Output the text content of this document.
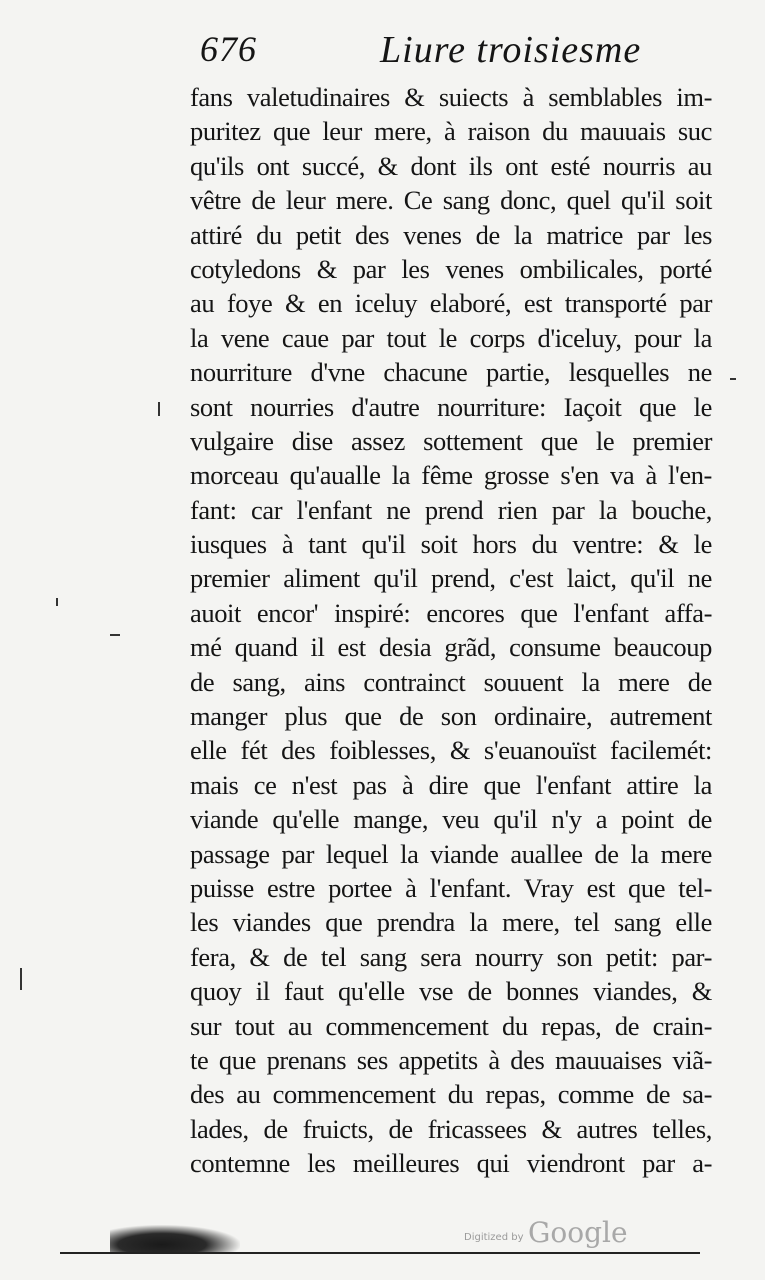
676	Liure troisiesme
fans valetudinaires & suiects à semblables im-
puritez que leur mere, à raison du mauuais suc
qu'ils ont succé, & dont ils ont esté nourris au
vêtre de leur mere. Ce sang donc, quel qu'il soit
attiré du petit des venes de la matrice par les
cotyledons & par les venes ombilicales, porté
au foye & en iceluy elaboré, est transporté par
la vene caue par tout le corps d'iceluy, pour la
nourriture d'vne chacune partie, lesquelles ne
sont nourries d'autre nourriture: Iaçoit que le
vulgaire dise assez sottement que le premier
morceau qu'aualle la fême grosse s'en va à l'en-
fant: car l'enfant ne prend rien par la bouche,
iusques à tant qu'il soit hors du ventre: & le
premier aliment qu'il prend, c'est laict, qu'il ne
auoit encor' inspiré: encores que l'enfant affa-
mé quand il est desia grãd, consume beaucoup
de sang, ains contrainct souuent la mere de
manger plus que de son ordinaire, autrement
elle fét des foiblesses, & s'euanouïst facilemét:
mais ce n'est pas à dire que l'enfant attire la
viande qu'elle mange, veu qu'il n'y a point de
passage par lequel la viande auallee de la mere
puisse estre portee à l'enfant. Vray est que tel-
les viandes que prendra la mere, tel sang elle
fera, & de tel sang sera nourry son petit: par-
quoy il faut qu'elle vse de bonnes viandes, &
sur tout au commencement du repas, de crain-
te que prenans ses appetits à des mauuaises viã-
des au commencement du repas, comme de sa-
lades, de fruicts, de fricassees & autres telles,
contemne les meilleures qui viendront par a-
Digitized by Google
